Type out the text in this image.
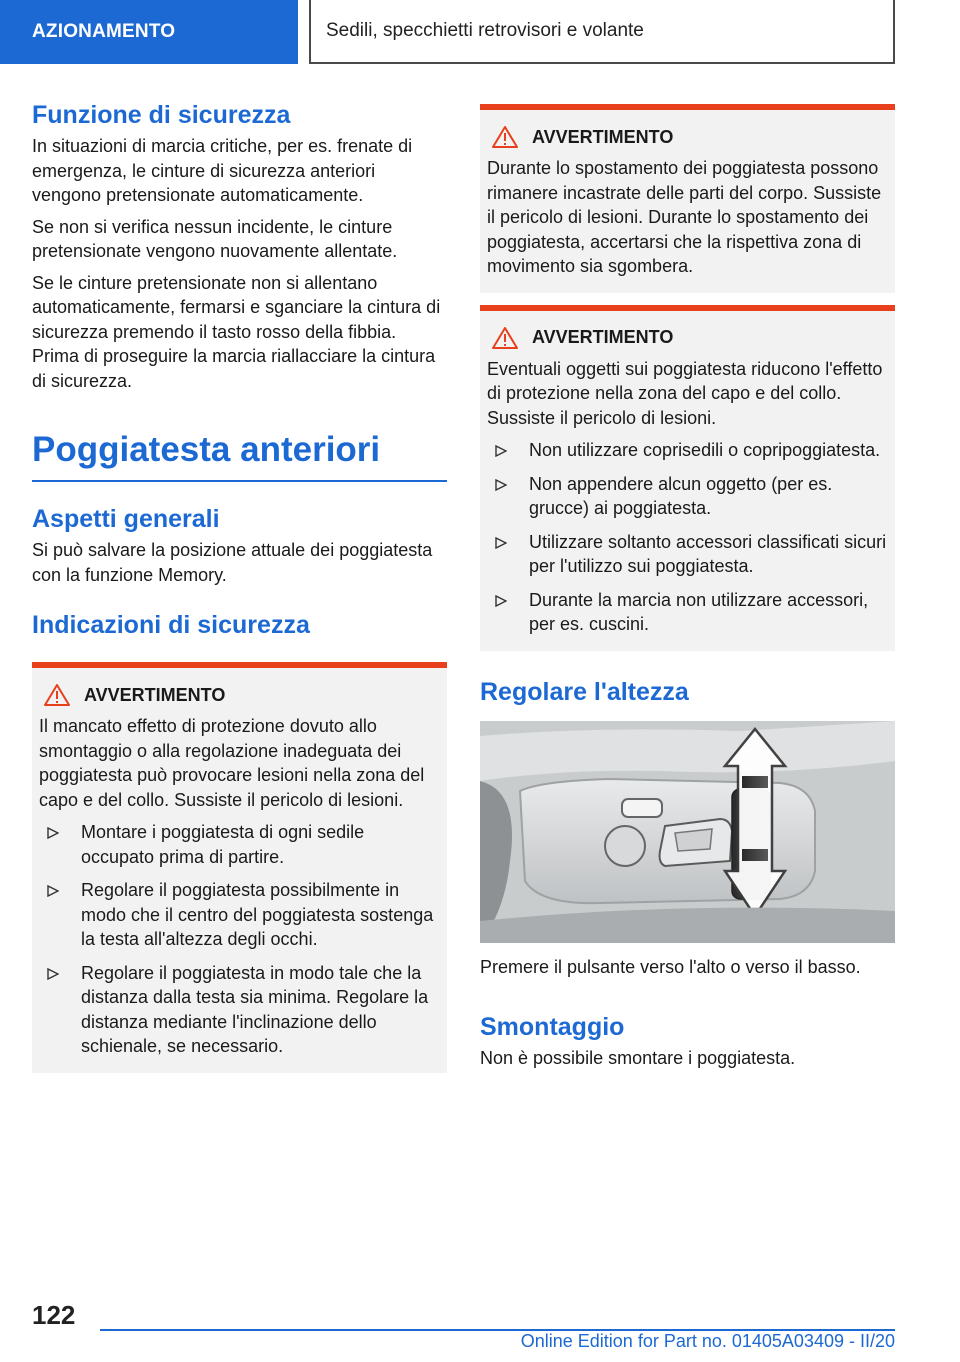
AZIONAMENTO	Sedili, specchietti retrovisori e volante
Funzione di sicurezza

In situazioni di marcia critiche, per es. frenate di emergenza, le cinture di sicurezza anteriori vengono pretensionate automaticamente.

Se non si verifica nessun incidente, le cinture pretensionate vengono nuovamente allentate.

Se le cinture pretensionate non si allentano automaticamente, fermarsi e sganciare la cintura di sicurezza premendo il tasto rosso della fibbia. Prima di proseguire la marcia riallacciare la cintura di sicurezza.

Poggiatesta anteriori
Aspetti generali

Si può salvare la posizione attuale dei poggiatesta con la funzione Memory.

Indicazioni di sicurezza
AVVERTIMENTO

Il mancato effetto di protezione dovuto allo smontaggio o alla regolazione inadeguata dei poggiatesta può provocare lesioni nella zona del capo e del collo. Sussiste il pericolo di lesioni.

Montare i poggiatesta di ogni sedile occupato prima di partire.
Regolare il poggiatesta possibilmente in modo che il centro del poggiatesta sostenga la testa all'altezza degli occhi.
Regolare il poggiatesta in modo tale che la distanza dalla testa sia minima. Regolare la distanza mediante l'inclinazione dello schienale, se necessario.
AVVERTIMENTO

Durante lo spostamento dei poggiatesta possono rimanere incastrate delle parti del corpo. Sussiste il pericolo di lesioni. Durante lo spostamento dei poggiatesta, accertarsi che la rispettiva zona di movimento sia sgombera.

AVVERTIMENTO

Eventuali oggetti sui poggiatesta riducono l'effetto di protezione nella zona del capo e del collo. Sussiste il pericolo di lesioni.

Non utilizzare coprisedili o copripoggiatesta.
Non appendere alcun oggetto (per es. grucce) ai poggiatesta.
Utilizzare soltanto accessori classificati sicuri per l'utilizzo sui poggiatesta.
Durante la marcia non utilizzare accessori, per es. cuscini.
Regolare l'altezza

Premere il pulsante verso l'alto o verso il basso.

Smontaggio

Non è possibile smontare i poggiatesta.

122
Online Edition for Part no. 01405A03409 - II/20
